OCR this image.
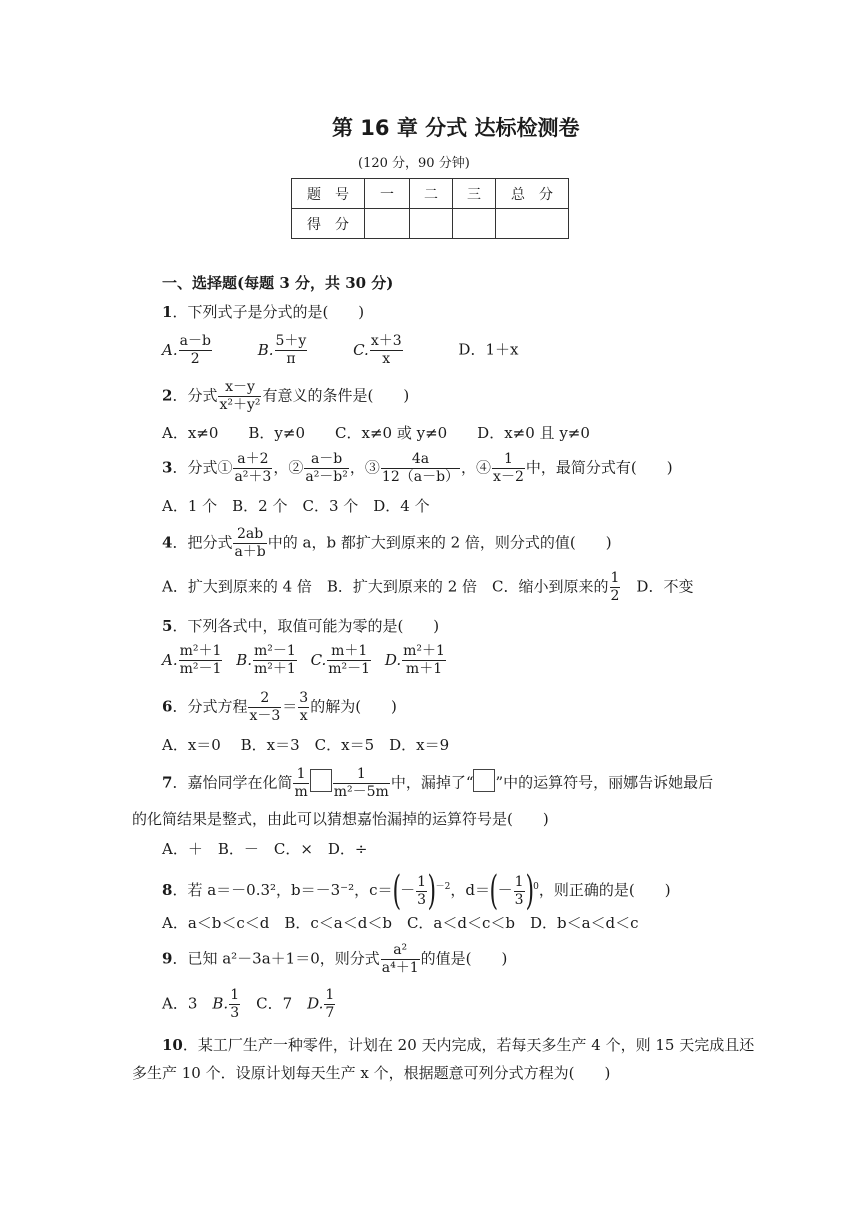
第 16 章 分式 达标检测卷
(120 分，90 分钟)
题　号	一	二	三	总　分
得　分				
一、选择题(每题 3 分，共 30 分)
1．下列式子是分式的是(　　)
A. $\frac{a-b}{2}$	B. $\frac{5+y}{\pi}$	C. $\frac{x+3}{x}$	D．1＋x
2．分式 $\frac{x-y}{\text{x²＋y²}}$ 有意义的条件是(　　)
A．x≠0　　B．y≠0　　C．x≠0 或 y≠0　　D．x≠0 且 y≠0
3．分式① $\frac{a+2}{\text{a²＋3}}$ ，② $\frac{a-b}{\text{a²－b²}}$ ，③ $\frac{4a}{12(a-b)}$ ，④ $\frac{1}{x-2}$ 中，最简分式有(　　)
A．1 个　B．2 个　C．3 个　D．4 个
4．把分式 $\frac{2ab}{a+b}$ 中的 a，b 都扩大到原来的 2 倍，则分式的值(　　)
A．扩大到原来的 4 倍　B．扩大到原来的 2 倍　C．缩小到原来的 $\frac{1}{2}$ 　D．不变
5．下列各式中，取值可能为零的是(　　)
A. $\frac{\text{m²＋1}}{\text{m²－1}} B$. $\frac{\text{m²－1}}{\text{m²＋1}} C$. $\frac{m+1}{\text{m²－1}} D$. $\frac{\text{m²＋1}}{m+1}$
6．分式方程 $\frac{2}{x-3} = \frac{3}{x}$ 的解为(　　)
A．x＝0　 B．x＝3　C．x＝5　D．x＝9
7．嘉怡同学在化简 $\frac{1}{m} \frac{1}{\text{m²－5m}}$ 中，漏掉了“ ”中的运算符号，丽娜告诉她最后
的化简结果是整式，由此可以猜想嘉怡漏掉的运算符号是(　　)
A．＋　B．－　C．×　D．÷
8．若 a＝－0.3²，b＝－3⁻²，$c=(- \frac{1}{3} )^{-2}$，$d=(- \frac{1}{3} )^0$，则正确的是(　　)
A．a＜b＜c＜d　B．c＜a＜d＜b　C．a＜d＜c＜b　D．b＜a＜d＜c
9．已知 a²－3a＋1＝0，则分式 $\frac{\text{a²}}{\text{a⁴＋1}}$ 的值是(　　)
A．3　B. $\frac{1}{3}$ 　C．7　D. $\frac{1}{7}$
10．某工厂生产一种零件，计划在 20 天内完成，若每天多生产 4 个，则 15 天完成且还
多生产 10 个．设原计划每天生产 x 个，根据题意可列分式方程为(　　)
